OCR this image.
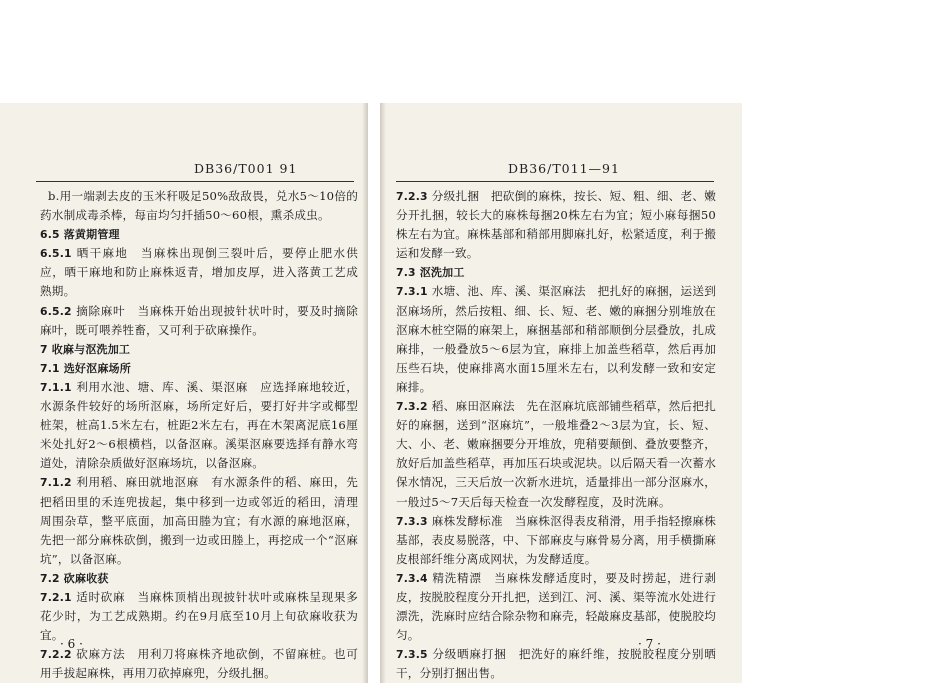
DB36/T001 91

b.用一端剥去皮的玉米秆吸足50%敌敌畏，兑水5～10倍的药水制成毒杀棒，每亩均匀扦插50～60根，熏杀成虫。

6.5 落黄期管理

6.5.1 晒干麻地　当麻株出现倒三裂叶后，要停止肥水供应，晒干麻地和防止麻株返青，增加皮厚，进入落黄工艺成熟期。

6.5.2 摘除麻叶　当麻株开始出现披针状叶时，要及时摘除麻叶，既可喂养牲畜，又可利于砍麻操作。

7 收麻与沤洗加工

7.1 选好沤麻场所

7.1.1 利用水池、塘、库、溪、渠沤麻　应选择麻地较近，水源条件较好的场所沤麻，场所定好后，要打好井字或椰型桩架，桩高1.5米左右，桩距2米左右，再在木架离泥底16厘米处扎好2～6根横档，以备沤麻。溪渠沤麻要选择有静水弯道处，清除杂质做好沤麻场坑，以备沤麻。

7.1.2 利用稻、麻田就地沤麻　有水源条件的稻、麻田，先把稻田里的禾连兜拔起，集中移到一边或邻近的稻田，清理周围杂草，整平底面，加高田塍为宜；有水源的麻地沤麻，先把一部分麻株砍倒，搬到一边或田塍上，再挖成一个“沤麻坑”，以备沤麻。

7.2 砍麻收获

7.2.1 适时砍麻　当麻株顶梢出现披针状叶或麻株呈现果多花少时，为工艺成熟期。约在9月底至10月上旬砍麻收获为宜。

7.2.2 砍麻方法　用利刀将麻株齐地砍倒，不留麻桩。也可用手拔起麻株，再用刀砍掉麻兜，分级扎捆。

· 6 ·
DB36/T011—91

7.2.3 分级扎捆　把砍倒的麻株，按长、短、粗、细、老、嫩分开扎捆，较长大的麻株每捆20株左右为宜；短小麻每捆50株左右为宜。麻株基部和稍部用脚麻扎好，松紧适度，利于搬运和发酵一致。

7.3 沤洗加工

7.3.1 水塘、池、库、溪、渠沤麻法　把扎好的麻捆，运送到沤麻场所，然后按粗、细、长、短、老、嫩的麻捆分别堆放在沤麻木桩空隔的麻架上，麻捆基部和稍部顺倒分层叠放，扎成麻排，一般叠放5～6层为宜，麻排上加盖些稻草，然后再加压些石块，使麻排离水面15厘米左右，以利发酵一致和安定麻排。

7.3.2 稻、麻田沤麻法　先在沤麻坑底部铺些稻草，然后把扎好的麻捆，送到“沤麻坑”，一般堆叠2～3层为宜，长、短、大、小、老、嫩麻捆要分开堆放，兜稍要颠倒、叠放要整齐，放好后加盖些稻草，再加压石块或泥块。以后隔天看一次蓄水保水情况，三天后放一次新水进坑，适量排出一部分沤麻水，一般过5～7天后每天检查一次发酵程度，及时洗麻。

7.3.3 麻株发酵标准　当麻株沤得表皮稍滑，用手指轻擦麻株基部，表皮易脱落，中、下部麻皮与麻骨易分离，用手横撕麻皮根部纤维分离成网状，为发酵适度。

7.3.4 精洗精漂　当麻株发酵适度时，要及时捞起，进行剥皮，按脱胶程度分开扎把，送到江、河、溪、渠等流水处进行漂洗，洗麻时应结合除杂物和麻壳，轻敲麻皮基部，使脱胶均匀。

7.3.5 分级晒麻打捆　把洗好的麻纤维，按脱胶程度分别晒干，分别打捆出售。

· 7 ·
